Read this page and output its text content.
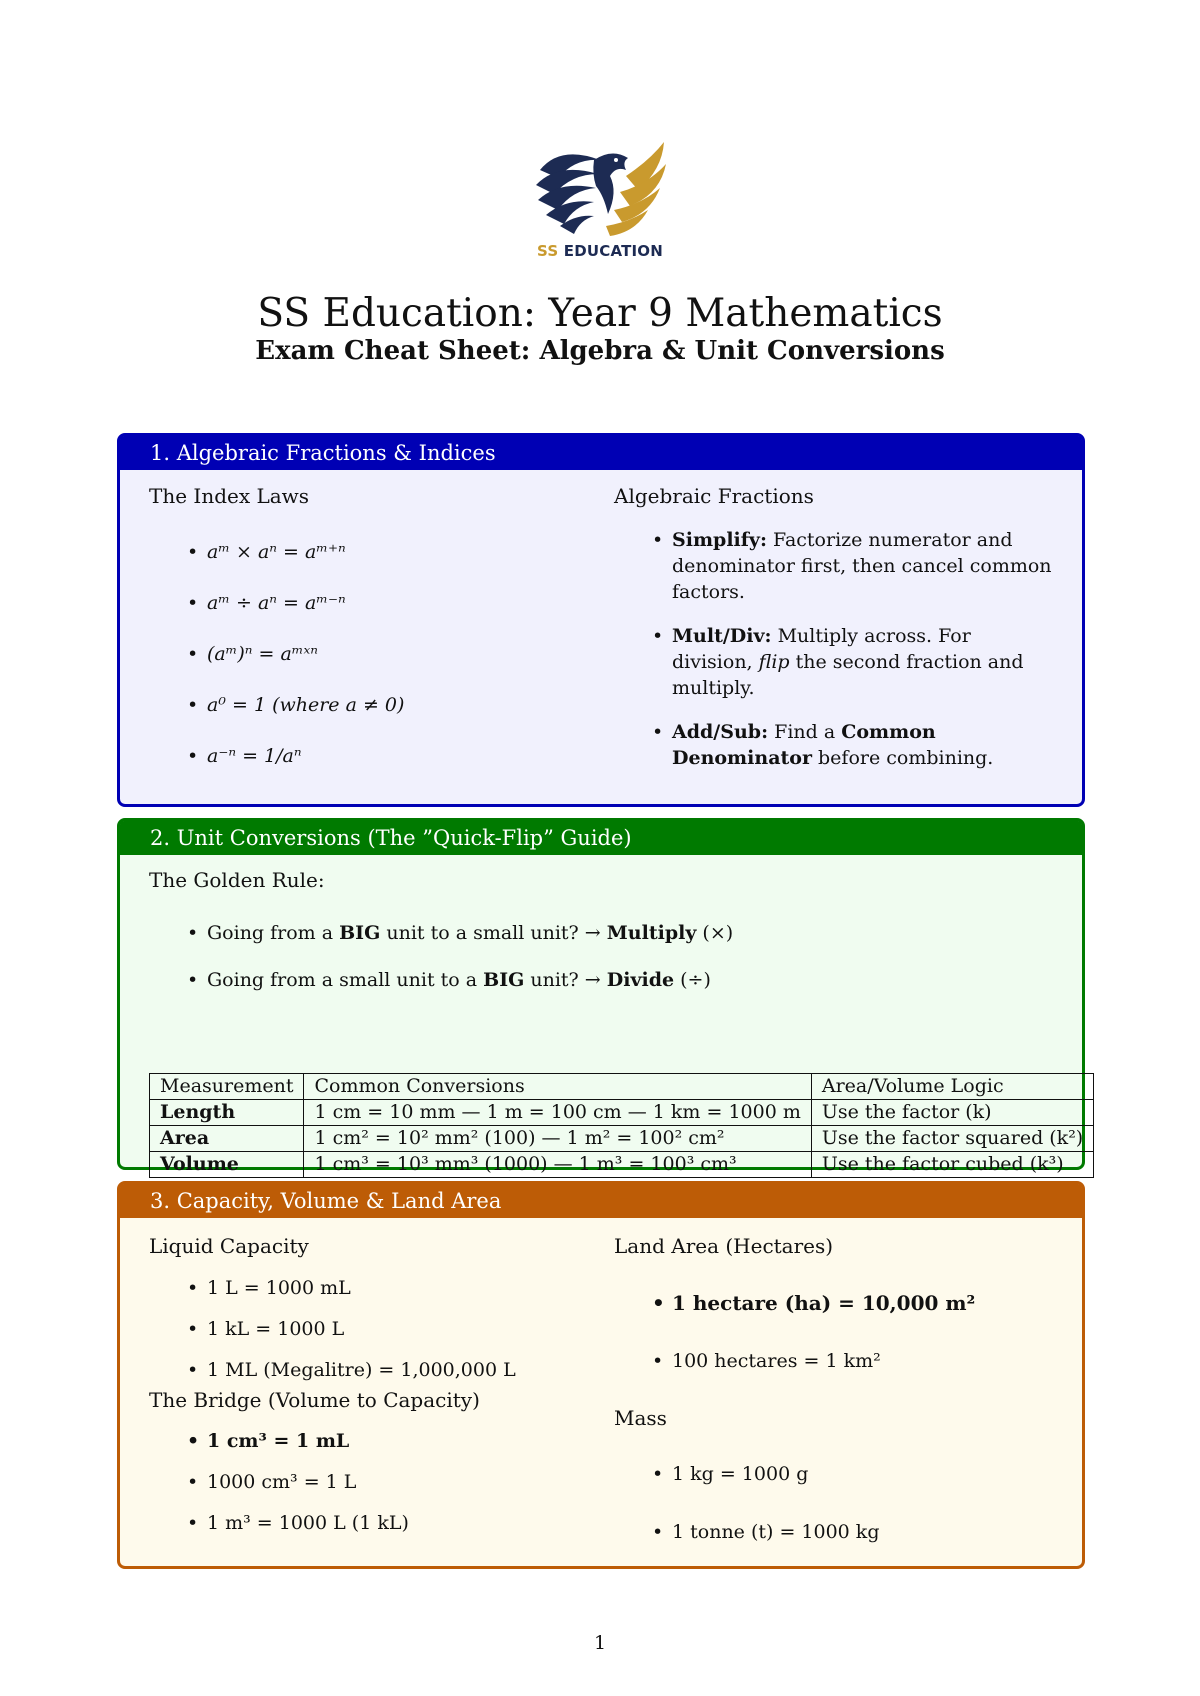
SS EDUCATION
SS Education: Year 9 Mathematics
Exam Cheat Sheet: Algebra & Unit Conversions
1. Algebraic Fractions & Indices
The Index Laws
• aᵐ × aⁿ = aᵐ⁺ⁿ
• aᵐ ÷ aⁿ = aᵐ⁻ⁿ
• (aᵐ)ⁿ = aᵐˣⁿ
• a⁰ = 1 (where a ≠ 0)
• a⁻ⁿ = 1/aⁿ
Algebraic Fractions
• Simplify: Factorize numerator and denominator first, then cancel common factors.
• Mult/Div: Multiply across. For division, flip the second fraction and multiply.
• Add/Sub: Find a Common Denominator before combining.
2. Unit Conversions (The ”Quick-Flip” Guide)
The Golden Rule:
• Going from a BIG unit to a small unit? → Multiply (×)
• Going from a small unit to a BIG unit? → Divide (÷)
Measurement	Common Conversions	Area/Volume Logic
Length	1 cm = 10 mm — 1 m = 100 cm — 1 km = 1000 m	Use the factor (k)
Area	1 cm² = 10² mm² (100) — 1 m² = 100² cm²	Use the factor squared (k²)
Volume	1 cm³ = 10³ mm³ (1000) — 1 m³ = 100³ cm³	Use the factor cubed (k³)
3. Capacity, Volume & Land Area
Liquid Capacity
• 1 L = 1000 mL
• 1 kL = 1000 L
• 1 ML (Megalitre) = 1,000,000 L
The Bridge (Volume to Capacity)
• 1 cm³ = 1 mL
• 1000 cm³ = 1 L
• 1 m³ = 1000 L (1 kL)
Land Area (Hectares)
• 1 hectare (ha) = 10,000 m²
• 100 hectares = 1 km²
Mass
• 1 kg = 1000 g
• 1 tonne (t) = 1000 kg
1
